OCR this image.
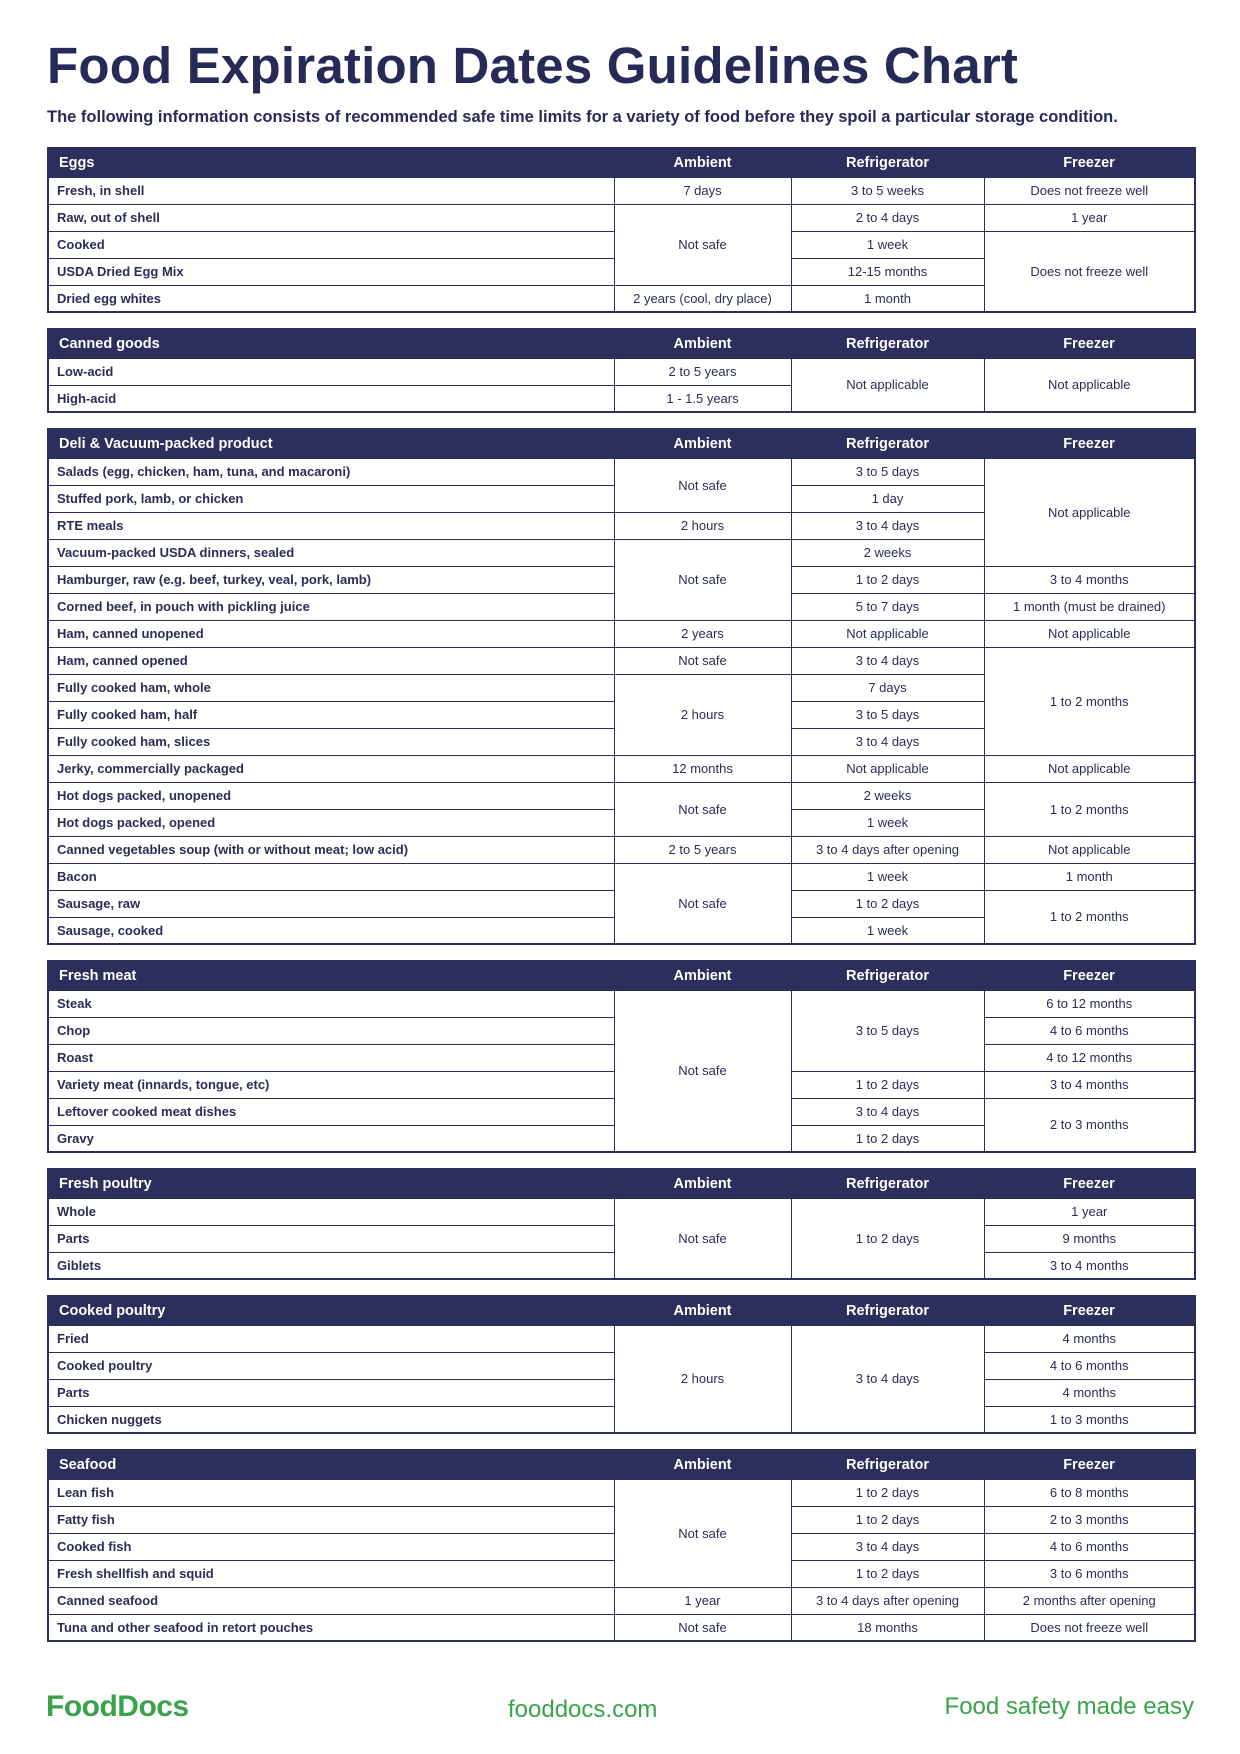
Food Expiration Dates Guidelines Chart
The following information consists of recommended safe time limits for a variety of food before they spoil a particular storage condition.
Eggs	Ambient	Refrigerator	Freezer
Fresh, in shell	7 days	3 to 5 weeks	Does not freeze well
Raw, out of shell	Not safe	2 to 4 days	1 year
Cooked		1 week	Does not freeze well
USDA Dried Egg Mix		12-15 months	
Dried egg whites	2 years (cool, dry place)	1 month	
Canned goods	Ambient	Refrigerator	Freezer
Low-acid	2 to 5 years	Not applicable	Not applicable
High-acid	1 - 1.5 years		
Deli & Vacuum-packed product	Ambient	Refrigerator	Freezer
Salads (egg, chicken, ham, tuna, and macaroni)	Not safe	3 to 5 days	Not applicable
Stuffed pork, lamb, or chicken		1 day	
RTE meals	2 hours	3 to 4 days	
Vacuum-packed USDA dinners, sealed	Not safe	2 weeks	
Hamburger, raw (e.g. beef, turkey, veal, pork, lamb)		1 to 2 days	3 to 4 months
Corned beef, in pouch with pickling juice		5 to 7 days	1 month (must be drained)
Ham, canned unopened	2 years	Not applicable	Not applicable
Ham, canned opened	Not safe	3 to 4 days	1 to 2 months
Fully cooked ham, whole	2 hours	7 days	
Fully cooked ham, half		3 to 5 days	
Fully cooked ham, slices		3 to 4 days	
Jerky, commercially packaged	12 months	Not applicable	Not applicable
Hot dogs packed, unopened	Not safe	2 weeks	1 to 2 months
Hot dogs packed, opened		1 week	
Canned vegetables soup (with or without meat; low acid)	2 to 5 years	3 to 4 days after opening	Not applicable
Bacon	Not safe	1 week	1 month
Sausage, raw		1 to 2 days	1 to 2 months
Sausage, cooked		1 week	
Fresh meat	Ambient	Refrigerator	Freezer
Steak	Not safe	3 to 5 days	6 to 12 months
Chop			4 to 6 months
Roast			4 to 12 months
Variety meat (innards, tongue, etc)		1 to 2 days	3 to 4 months
Leftover cooked meat dishes		3 to 4 days	2 to 3 months
Gravy		1 to 2 days	
Fresh poultry	Ambient	Refrigerator	Freezer
Whole	Not safe	1 to 2 days	1 year
Parts			9 months
Giblets			3 to 4 months
Cooked poultry	Ambient	Refrigerator	Freezer
Fried	2 hours	3 to 4 days	4 months
Cooked poultry			4 to 6 months
Parts			4 months
Chicken nuggets			1 to 3 months
Seafood	Ambient	Refrigerator	Freezer
Lean fish	Not safe	1 to 2 days	6 to 8 months
Fatty fish		1 to 2 days	2 to 3 months
Cooked fish		3 to 4 days	4 to 6 months
Fresh shellfish and squid		1 to 2 days	3 to 6 months
Canned seafood	1 year	3 to 4 days after opening	2 months after opening
Tuna and other seafood in retort pouches	Not safe	18 months	Does not freeze well
FoodDocs	fooddocs.com	Food safety made easy
